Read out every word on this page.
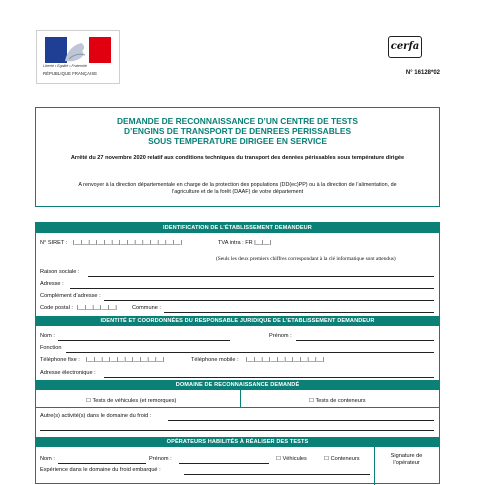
Liberté • Égalité • Fraternité
RÉPUBLIQUE FRANÇAISE
cerfa
N° 16128*02
DEMANDE DE RECONNAISSANCE D’UN CENTRE DE TESTS
D’ENGINS DE TRANSPORT DE DENREES PERISSABLES
SOUS TEMPERATURE DIRIGEE EN SERVICE
Arrêté du 27 novembre 2020 relatif aux conditions techniques du transport des denrées périssables sous température dirigée
A renvoyer à la direction départementale en charge de la protection des populations (DD(ec)PP) ou à la direction de l’alimentation, de
l’agriculture et de la forêt (DAAF) de votre département
IDENTIFICATION DE L’ÉTABLISSEMENT DEMANDEUR
N° SIRET : |__|__|__|__|__|__|__|__|__|__|__|__|__|__|	TVA intra : FR |__|__|
(Seuls les deux premiers chiffres correspondant à la clé informatique sont attendus)
Raison sociale :
Adresse :
Complément d’adresse :
Code postal : |__|__|__|__|__|	Commune :
IDENTITÉ ET COORDONNÉES DU RESPONSABLE JURIDIQUE DE L’ETABLISSEMENT DEMANDEUR
Nom :	Prénom :
Fonction
Téléphone fixe : |__|__|__|__|__|__|__|__|__|__|	Téléphone mobile : |__|__|__|__|__|__|__|__|__|__|
Adresse électronique :
DOMAINE DE RECONNAISSANCE DEMANDÉ
☐ Tests de véhicules (et remorques)	☐ Tests de conteneurs
Autre(s) activité(s) dans le domaine du froid :
OPÉRATEURS HABILITÉS À RÉALISER DES TESTS
Nom :	Prénom :	☐ Véhicules	☐ Conteneurs	Signature de
l’opérateur
Expérience dans le domaine du froid embarqué :
